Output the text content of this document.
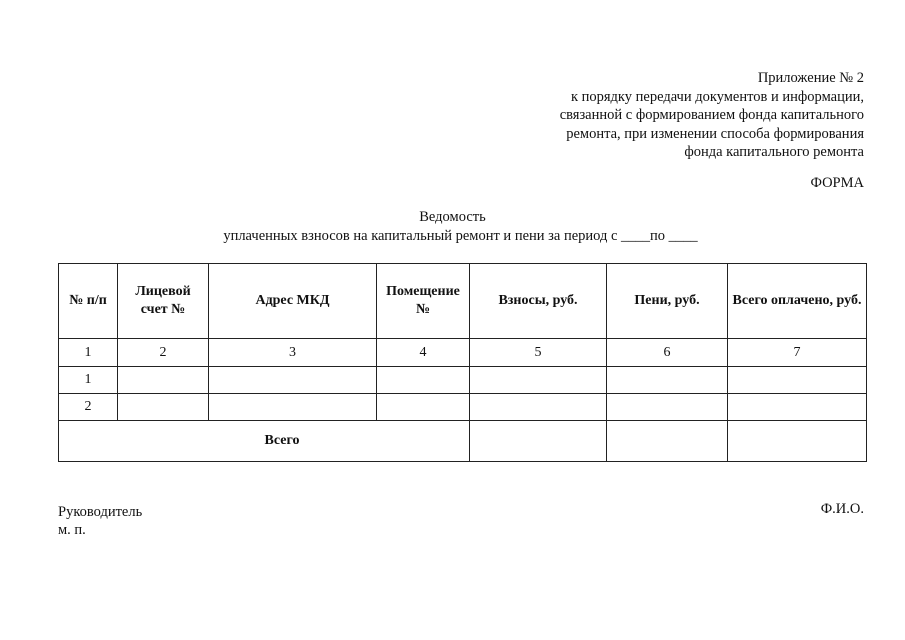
Приложение № 2
к порядку передачи документов и информации,
связанной с формированием фонда капитального
ремонта, при изменении способа формирования
фонда капитального ремонта
ФОРМА
Ведомость
уплаченных взносов на капитальный ремонт и пени за период с ____по ____
№ п/п	Лицевой счет №	Адрес МКД	Помещение №	Взносы, руб.	Пени, руб.	Всего оплачено, руб.
1	2	3	4	5	6	7
1						
2						
Всего						
Руководитель
м. п.
Ф.И.О.
